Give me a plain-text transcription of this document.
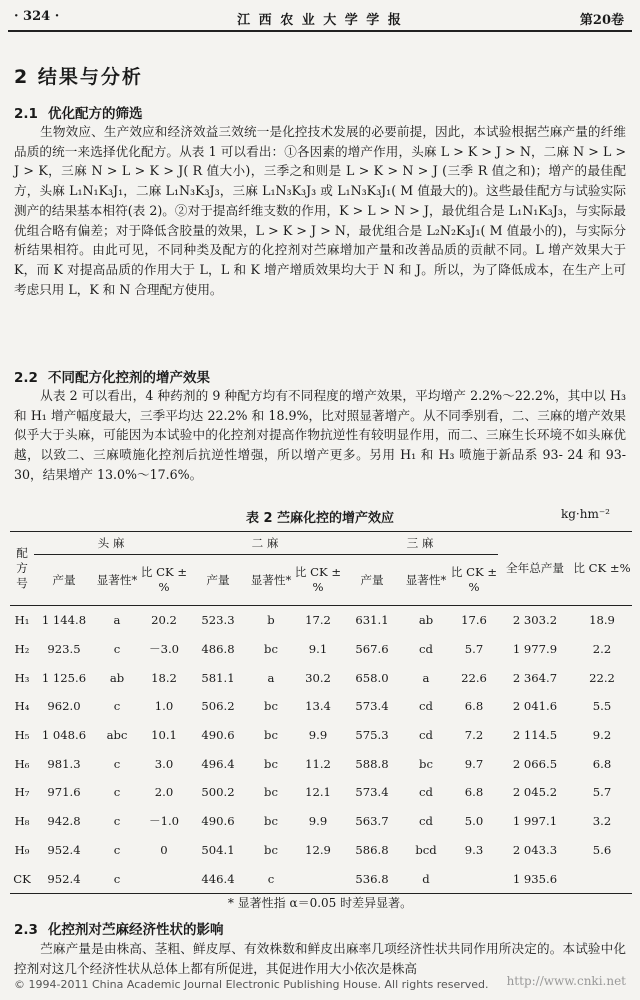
· 324 ·	江 西 农 业 大 学 学 报	第20卷
2 结果与分析
2.1 优化配方的筛选
生物效应、生产效应和经济效益三效统一是化控技术发展的必要前提，因此，本试验根据苎麻产量的纤维品质的统一来选择优化配方。从表 1 可以看出：①各因素的增产作用，头麻 L > K > J > N，二麻 N > L > J > K，三麻 N > L > K > J( R 值大小)，三季之和则是 L > K > N > J (三季 R 值之和)；增产的最佳配方，头麻 L₁N₁K₃J₁，二麻 L₁N₃K₃J₃，三麻 L₁N₃K₃J₃ 或 L₁N₃K₃J₁( M 值最大的)。这些最佳配方与试验实际测产的结果基本相符(表 2)。②对于提高纤维支数的作用，K > L > N > J，最优组合是 L₁N₁K₃J₃，与实际最优组合略有偏差；对于降低含胶量的效果，L > K > J > N，最优组合是 L₂N₂K₃J₁( M 值最小的)，与实际分析结果相符。由此可见，不同种类及配方的化控剂对苎麻增加产量和改善品质的贡献不同。L 增产效果大于 K，而 K 对提高品质的作用大于 L，L 和 K 增产增质效果均大于 N 和 J。所以，为了降低成本，在生产上可考虑只用 L，K 和 N 合理配方使用。
2.2 不同配方化控剂的增产效果
从表 2 可以看出，4 种药剂的 9 种配方均有不同程度的增产效果，平均增产 2.2%～22.2%，其中以 H₃ 和 H₁ 增产幅度最大，三季平均达 22.2% 和 18.9%，比对照显著增产。从不同季别看，二、三麻的增产效果似乎大于头麻，可能因为本试验中的化控剂对提高作物抗逆性有较明显作用，而二、三麻生长环境不如头麻优越，以致二、三麻喷施化控剂后抗逆性增强，所以增产更多。另用 H₁ 和 H₃ 喷施于新品系 93- 24 和 93- 30，结果增产 13.0%～17.6%。
表 2 苎麻化控的增产效应	kg·hm⁻²
配
方
号	头 麻			二 麻			三 麻			全年总产量	比 CK ±%
	产量	显著性*	比 CK ±%	产量	显著性*	比 CK ±%	产量	显著性*	比 CK ±%		
H₁	1 144.8	a	20.2	523.3	b	17.2	631.1	ab	17.6	2 303.2	18.9
H₂	923.5	c	－3.0	486.8	bc	9.1	567.6	cd	5.7	1 977.9	2.2
H₃	1 125.6	ab	18.2	581.1	a	30.2	658.0	a	22.6	2 364.7	22.2
H₄	962.0	c	1.0	506.2	bc	13.4	573.4	cd	6.8	2 041.6	5.5
H₅	1 048.6	abc	10.1	490.6	bc	9.9	575.3	cd	7.2	2 114.5	9.2
H₆	981.3	c	3.0	496.4	bc	11.2	588.8	bc	9.7	2 066.5	6.8
H₇	971.6	c	2.0	500.2	bc	12.1	573.4	cd	6.8	2 045.2	5.7
H₈	942.8	c	－1.0	490.6	bc	9.9	563.7	cd	5.0	1 997.1	3.2
H₉	952.4	c	0	504.1	bc	12.9	586.8	bcd	9.3	2 043.3	5.6
CK	952.4	c		446.4	c		536.8	d		1 935.6	
* 显著性指 α＝0.05 时差异显著。
2.3 化控剂对苎麻经济性状的影响
苎麻产量是由株高、茎粗、鲜皮厚、有效株数和鲜皮出麻率几项经济性状共同作用所决定的。本试验中化控剂对这几个经济性状从总体上都有所促进，其促进作用大小依次是株高
© 1994-2011 China Academic Journal Electronic Publishing House. All rights reserved. http://www.cnki.net
